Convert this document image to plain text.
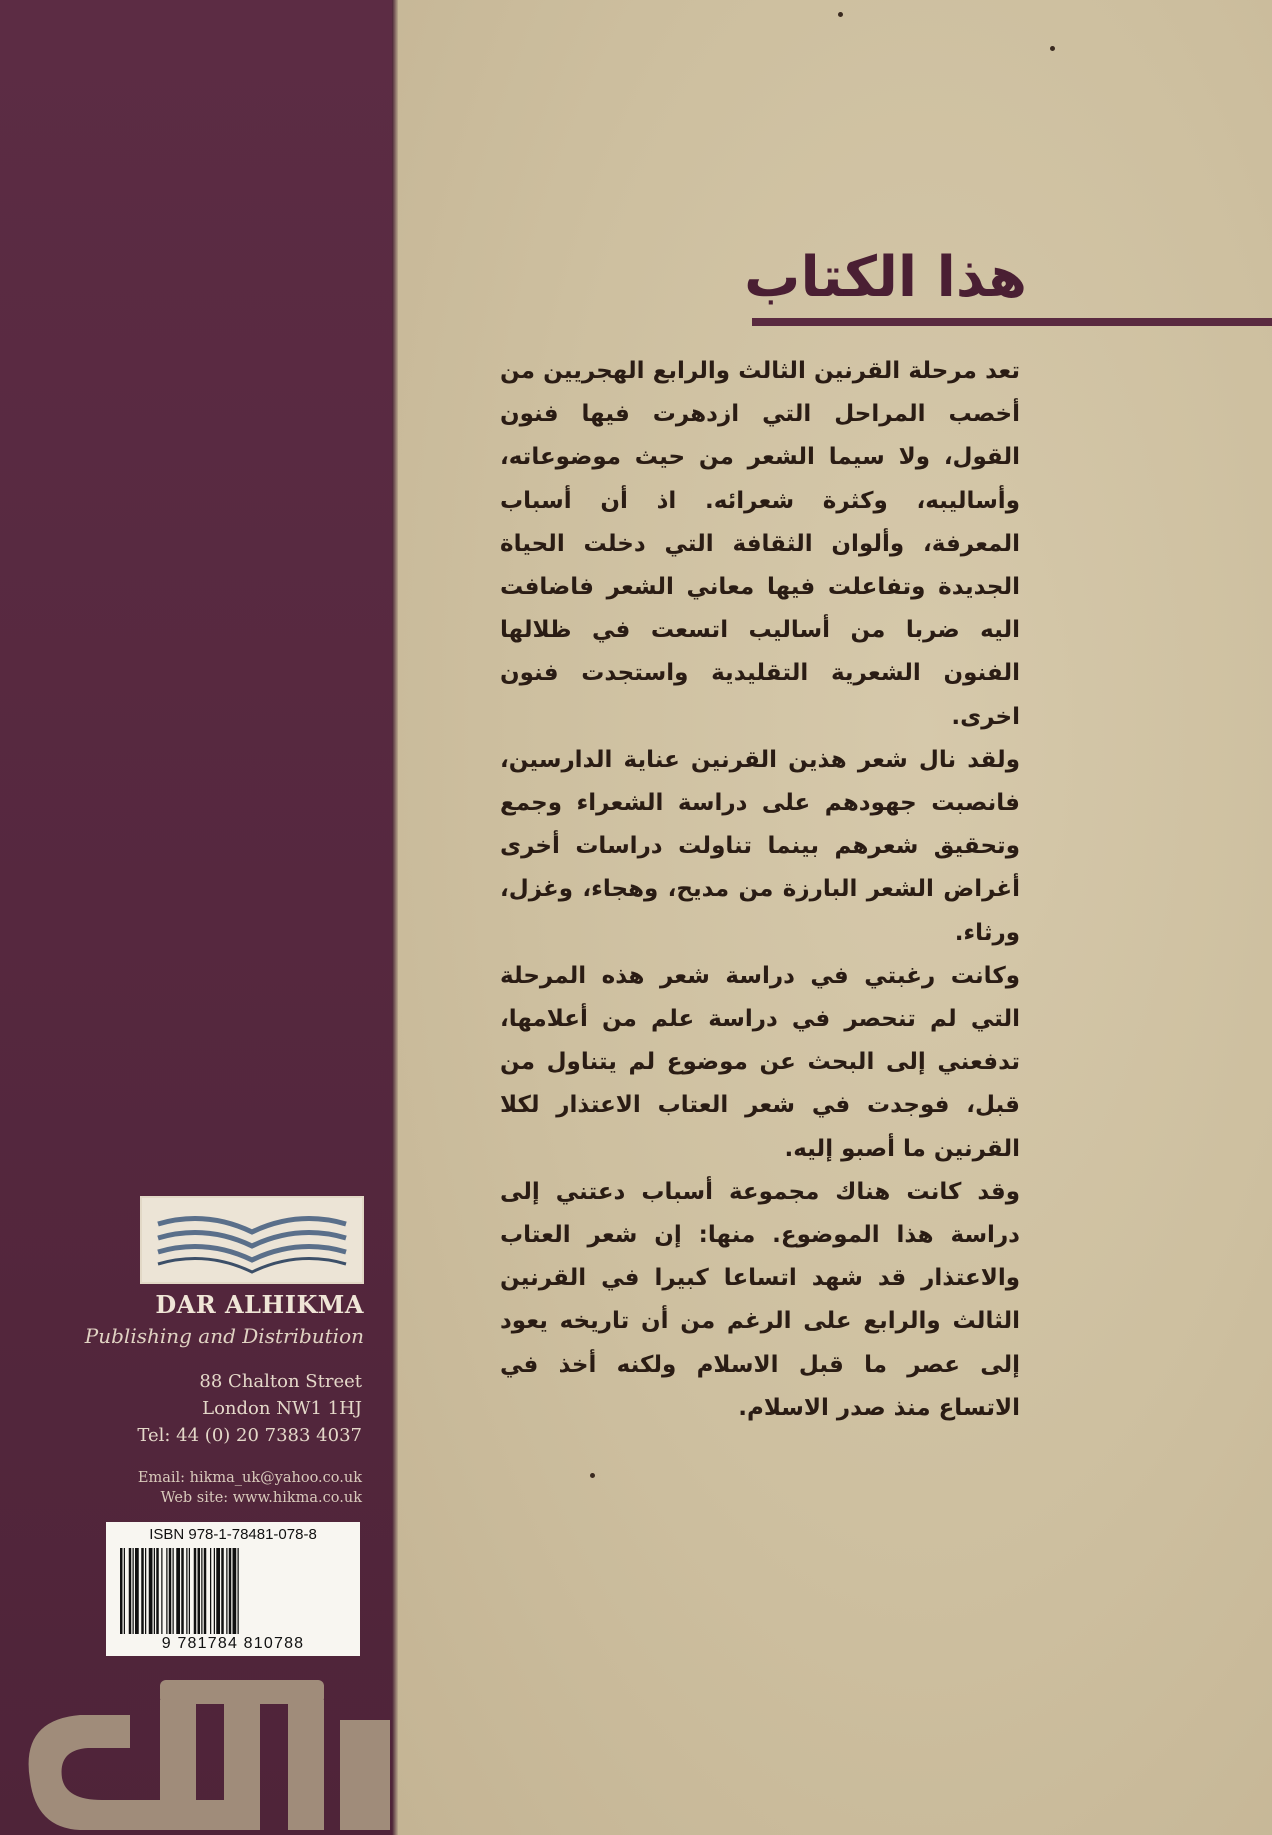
هذا الكتاب

تعد مرحلة القرنين الثالث والرابع الهجريين من أخصب المراحل التي ازدهرت فيها فنون القول، ولا سيما الشعر من حيث موضوعاته، وأساليبه، وكثرة شعرائه. اذ أن أسباب المعرفة، وألوان الثقافة التي دخلت الحياة الجديدة وتفاعلت فيها معاني الشعر فاضافت اليه ضربا من أساليب اتسعت في ظلالها الفنون الشعرية التقليدية واستجدت فنون اخرى.

ولقد نال شعر هذين القرنين عناية الدارسين، فانصبت جهودهم على دراسة الشعراء وجمع وتحقيق شعرهم بينما تناولت دراسات أخرى أغراض الشعر البارزة من مديح، وهجاء، وغزل، ورثاء.

وكانت رغبتي في دراسة شعر هذه المرحلة التي لم تنحصر في دراسة علم من أعلامها، تدفعني إلى البحث عن موضوع لم يتناول من قبل، فوجدت في شعر العتاب الاعتذار لكلا القرنين ما أصبو إليه.

وقد كانت هناك مجموعة أسباب دعتني إلى دراسة هذا الموضوع. منها: إن شعر العتاب والاعتذار قد شهد اتساعا كبيرا في القرنين الثالث والرابع على الرغم من أن تاريخه يعود إلى عصر ما قبل الاسلام ولكنه أخذ في الاتساع منذ صدر الاسلام.

DAR ALHIKMA
Publishing and Distribution
88 Chalton Street
London NW1 1HJ
Tel: 44 (0) 20 7383 4037
Email: hikma_uk@yahoo.co.uk
Web site: www.hikma.co.uk
ISBN 978-1-78481-078-8
9 781784 810788
